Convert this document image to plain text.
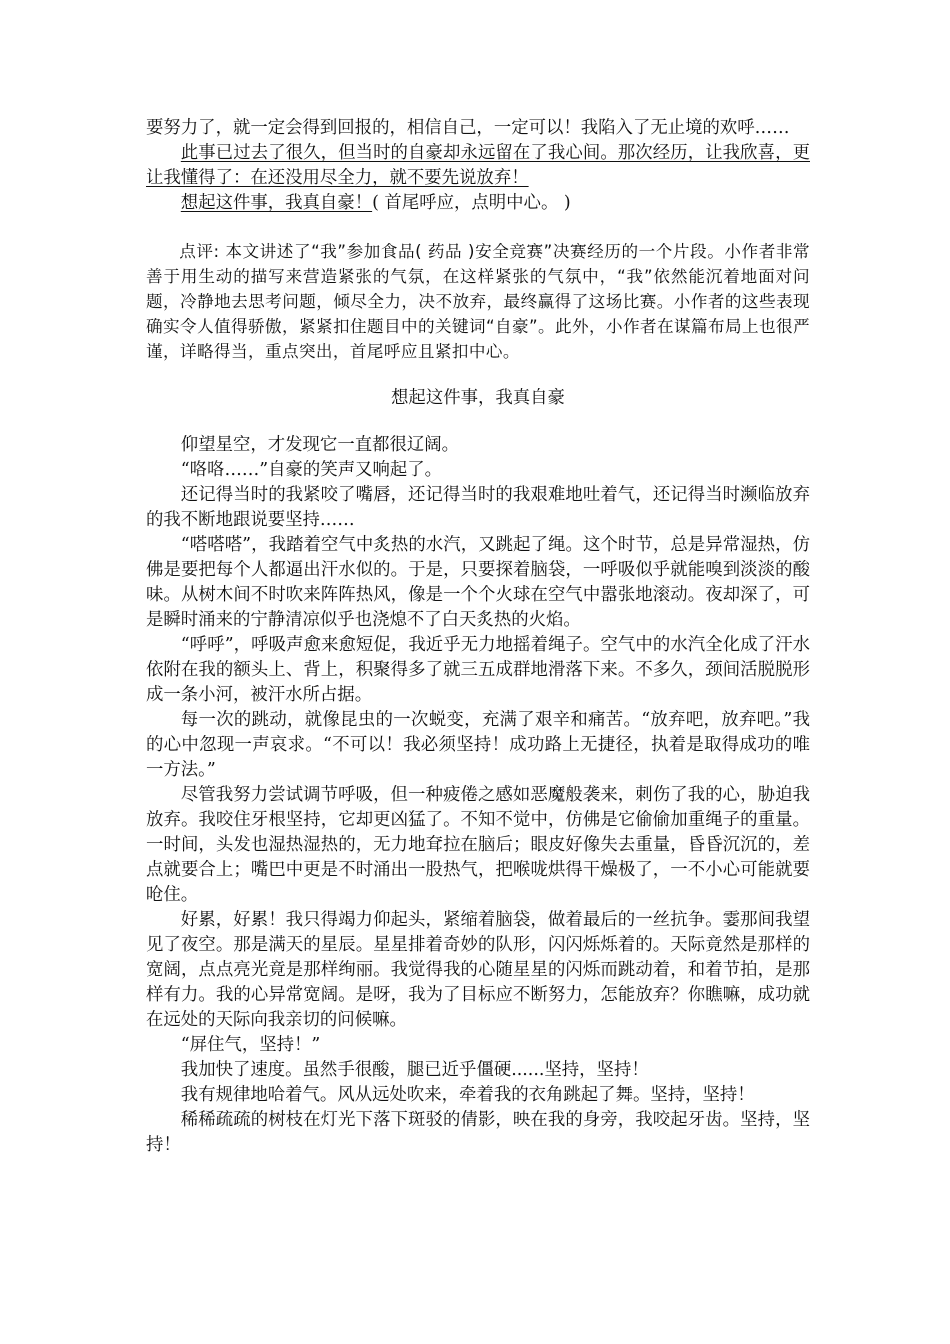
要努力了，就一定会得到回报的，相信自己，一定可以！我陷入了无止境的欢呼……

此事已过去了很久，但当时的自豪却永远留在了我心间。那次经历，让我欣喜，更让我懂得了：在还没用尽全力，就不要先说放弃！

想起这件事，我真自豪！( 首尾呼应，点明中心。 )

点评: 本文讲述了“我”参加食品( 药品 )安全竞赛”决赛经历的一个片段。小作者非常善于用生动的描写来营造紧张的气氛，在这样紧张的气氛中，“我”依然能沉着地面对问题，冷静地去思考问题，倾尽全力，决不放弃，最终赢得了这场比赛。小作者的这些表现确实令人值得骄傲，紧紧扣住题目中的关键词“自豪”。此外，小作者在谋篇布局上也很严谨，详略得当，重点突出，首尾呼应且紧扣中心。

想起这件事，我真自豪

仰望星空，才发现它一直都很辽阔。

“咯咯……”自豪的笑声又响起了。

还记得当时的我紧咬了嘴唇，还记得当时的我艰难地吐着气，还记得当时濒临放弃的我不断地跟说要坚持……

“嗒嗒嗒”，我踏着空气中炙热的水汽，又跳起了绳。这个时节，总是异常湿热，仿佛是要把每个人都逼出汗水似的。于是，只要探着脑袋，一呼吸似乎就能嗅到淡淡的酸味。从树木间不时吹来阵阵热风，像是一个个火球在空气中嚣张地滚动。夜却深了，可是瞬时涌来的宁静清凉似乎也浇熄不了白天炙热的火焰。

“呼呼”，呼吸声愈来愈短促，我近乎无力地摇着绳子。空气中的水汽全化成了汗水依附在我的额头上、背上，积聚得多了就三五成群地滑落下来。不多久，颈间活脱脱形成一条小河，被汗水所占据。

每一次的跳动，就像昆虫的一次蜕变，充满了艰辛和痛苦。“放弃吧，放弃吧。”我的心中忽现一声哀求。“不可以！我必须坚持！成功路上无捷径，执着是取得成功的唯一方法。”

尽管我努力尝试调节呼吸，但一种疲倦之感如恶魔般袭来，刺伤了我的心，胁迫我放弃。我咬住牙根坚持，它却更凶猛了。不知不觉中，仿佛是它偷偷加重绳子的重量。一时间，头发也湿热湿热的，无力地耷拉在脑后；眼皮好像失去重量，昏昏沉沉的，差点就要合上；嘴巴中更是不时涌出一股热气，把喉咙烘得干燥极了，一不小心可能就要呛住。

好累，好累！我只得竭力仰起头，紧缩着脑袋，做着最后的一丝抗争。霎那间我望见了夜空。那是满天的星辰。星星排着奇妙的队形，闪闪烁烁着的。天际竟然是那样的宽阔，点点亮光竟是那样绚丽。我觉得我的心随星星的闪烁而跳动着，和着节拍，是那样有力。我的心异常宽阔。是呀，我为了目标应不断努力，怎能放弃？你瞧嘛，成功就在远处的天际向我亲切的问候嘛。

“屏住气，坚持！”

我加快了速度。虽然手很酸，腿已近乎僵硬......坚持，坚持！

我有规律地哈着气。风从远处吹来，牵着我的衣角跳起了舞。坚持，坚持！

稀稀疏疏的树枝在灯光下落下斑驳的倩影，映在我的身旁，我咬起牙齿。坚持，坚持！
